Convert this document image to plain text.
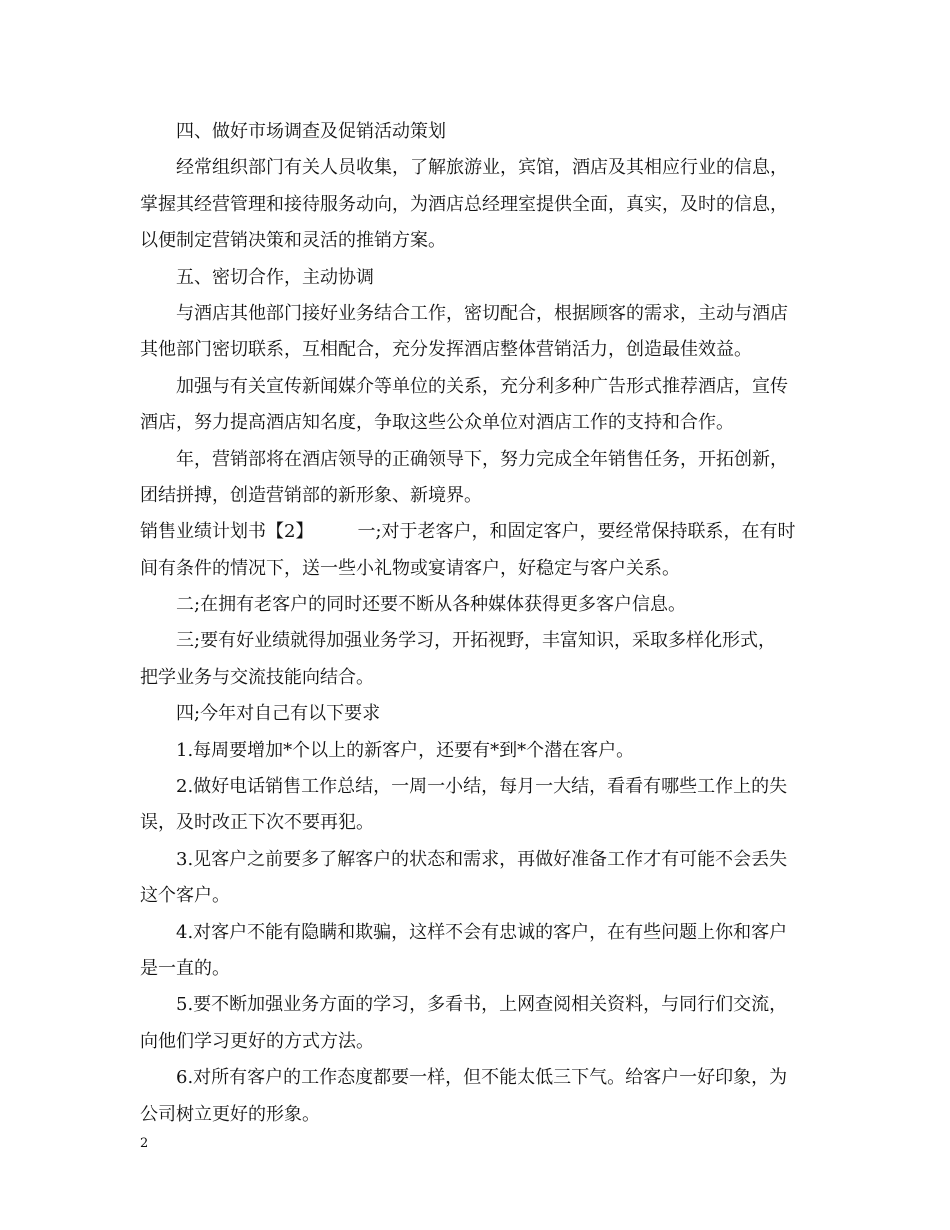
四、做好市场调查及促销活动策划
经常组织部门有关人员收集，了解旅游业，宾馆，酒店及其相应行业的信息，
掌握其经营管理和接待服务动向，为酒店总经理室提供全面，真实，及时的信息，
以便制定营销决策和灵活的推销方案。
五、密切合作，主动协调
与酒店其他部门接好业务结合工作，密切配合，根据顾客的需求，主动与酒店
其他部门密切联系，互相配合，充分发挥酒店整体营销活力，创造最佳效益。
加强与有关宣传新闻媒介等单位的关系，充分利多种广告形式推荐酒店，宣传
酒店，努力提高酒店知名度，争取这些公众单位对酒店工作的支持和合作。
年，营销部将在酒店领导的正确领导下，努力完成全年销售任务，开拓创新，
团结拼搏，创造营销部的新形象、新境界。
销售业绩计划书【2】 一;对于老客户，和固定客户，要经常保持联系，在有时
间有条件的情况下，送一些小礼物或宴请客户，好稳定与客户关系。
二;在拥有老客户的同时还要不断从各种媒体获得更多客户信息。
三;要有好业绩就得加强业务学习，开拓视野，丰富知识，采取多样化形式，
把学业务与交流技能向结合。
四;今年对自己有以下要求
1.每周要增加*个以上的新客户，还要有*到*个潜在客户。
2.做好电话销售工作总结，一周一小结，每月一大结，看看有哪些工作上的失
误，及时改正下次不要再犯。
3.见客户之前要多了解客户的状态和需求，再做好准备工作才有可能不会丢失
这个客户。
4.对客户不能有隐瞒和欺骗，这样不会有忠诚的客户，在有些问题上你和客户
是一直的。
5.要不断加强业务方面的学习，多看书，上网查阅相关资料，与同行们交流，
向他们学习更好的方式方法。
6.对所有客户的工作态度都要一样，但不能太低三下气。给客户一好印象，为
公司树立更好的形象。
2
